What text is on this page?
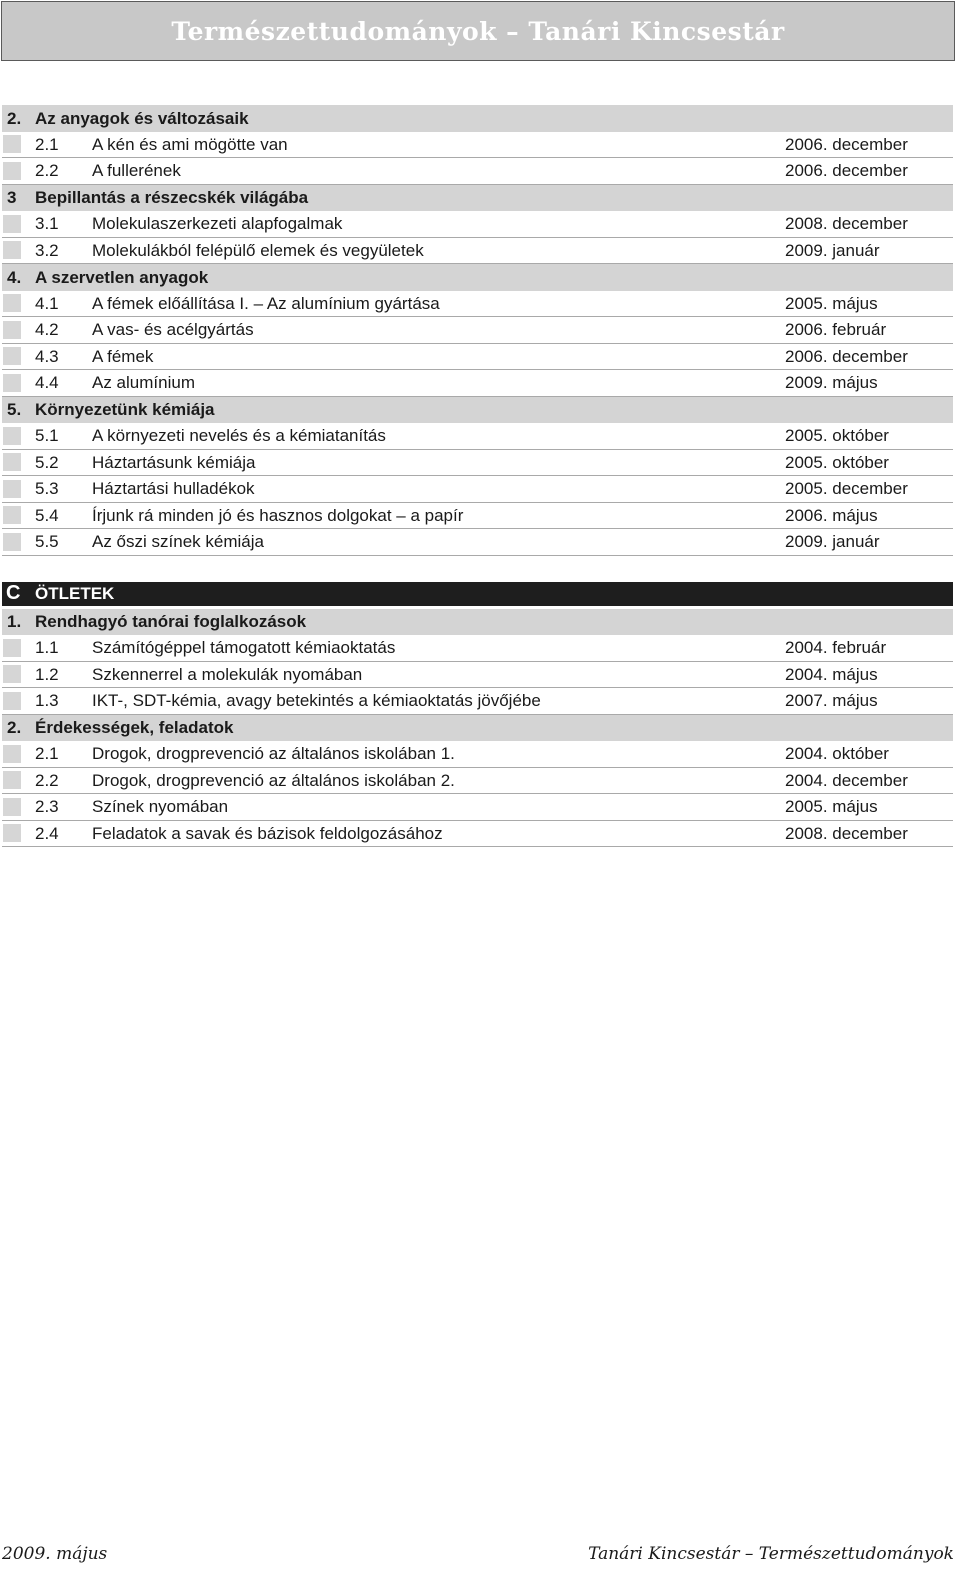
Természettudományok – Tanári Kincsestár
2. Az anyagok és változásaik
2.1	A kén és ami mögötte van	2006. december
2.2	A fullerének	2006. december
3	Bepillantás a részecskék világába
3.1	Molekulaszerkezeti alapfogalmak	2008. december
3.2	Molekulákból felépülő elemek és vegyületek	2009. január
4. A szervetlen anyagok
4.1	A fémek előállítása I. – Az alumínium gyártása	2005. május
4.2	A vas- és acélgyártás	2006. február
4.3	A fémek	2006. december
4.4	Az alumínium	2009. május
5. Környezetünk kémiája
5.1	A környezeti nevelés és a kémiatanítás	2005. október
5.2	Háztartásunk kémiája	2005. október
5.3	Háztartási hulladékok	2005. december
5.4	Írjunk rá minden jó és hasznos dolgokat – a papír	2006. május
5.5	Az őszi színek kémiája	2009. január
C ÖTLETEK
1. Rendhagyó tanórai foglalkozások
1.1	Számítógéppel támogatott kémiaoktatás	2004. február
1.2	Szkennerrel a molekulák nyomában	2004. május
1.3	IKT-, SDT-kémia, avagy betekintés a kémiaoktatás jövőjébe	2007. május
2. Érdekességek, feladatok
2.1	Drogok, drogprevenció az általános iskolában 1.	2004. október
2.2	Drogok, drogprevenció az általános iskolában 2.	2004. december
2.3	Színek nyomában	2005. május
2.4	Feladatok a savak és bázisok feldolgozásához	2008. december
2009. május	Tanári Kincsestár – Természettudományok
